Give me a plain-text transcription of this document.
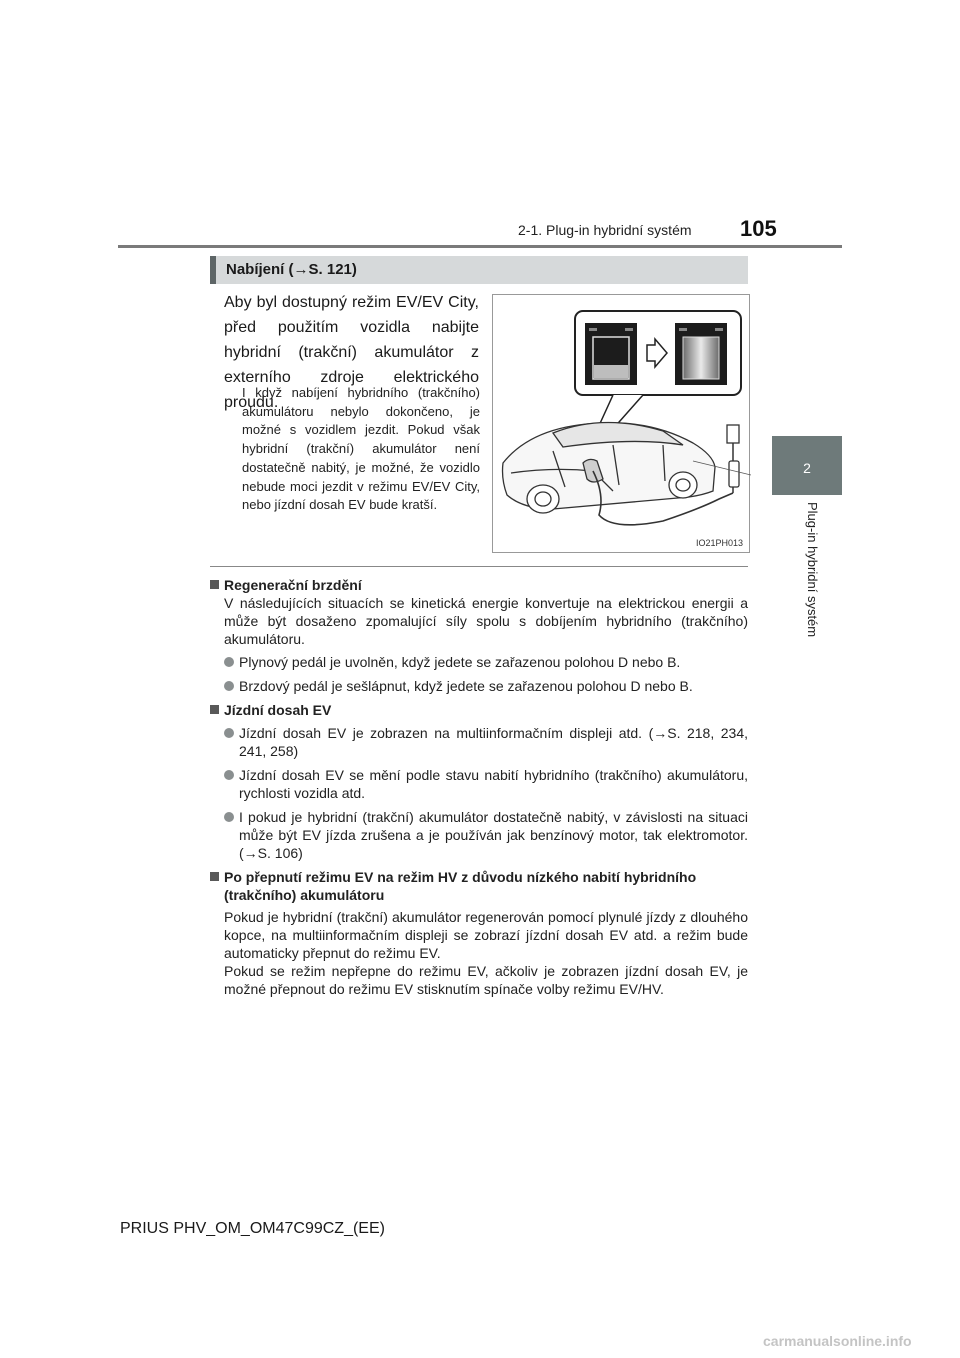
2-1. Plug-in hybridní systém 105
2
Plug-in hybridní systém
Nabíjení (→S. 121)
Aby byl dostupný režim EV/EV City, před použitím vozidla nabijte hybridní (trakční) akumulátor z externího zdroje elektrického proudu.
I když nabíjení hybridního (trakčního) akumulátoru nebylo dokončeno, je možné s vozidlem jezdit. Pokud však hybridní (trakční) akumulátor není dostatečně nabitý, je možné, že vozidlo nebude moci jezdit v režimu EV/EV City, nebo jízdní dosah EV bude kratší.
IO21PH013
Regenerační brzdění
V následujících situacích se kinetická energie konvertuje na elektrickou energii a může být dosaženo zpomalující síly spolu s dobíjením hybridního (trakčního) akumulátoru.
Plynový pedál je uvolněn, když jedete se zařazenou polohou D nebo B.
Brzdový pedál je sešlápnut, když jedete se zařazenou polohou D nebo B.
Jízdní dosah EV
Jízdní dosah EV je zobrazen na multiinformačním displeji atd. (→S. 218, 234, 241, 258)
Jízdní dosah EV se mění podle stavu nabití hybridního (trakčního) akumulátoru, rychlosti vozidla atd.
I pokud je hybridní (trakční) akumulátor dostatečně nabitý, v závislosti na situaci může být EV jízda zrušena a je používán jak benzínový motor, tak elektromotor. (→S. 106)
Po přepnutí režimu EV na režim HV z důvodu nízkého nabití hybridního (trakčního) akumulátoru
Pokud je hybridní (trakční) akumulátor regenerován pomocí plynulé jízdy z dlouhého kopce, na multiinformačním displeji se zobrazí jízdní dosah EV atd. a režim bude automaticky přepnut do režimu EV.
Pokud se režim nepřepne do režimu EV, ačkoliv je zobrazen jízdní dosah EV, je možné přepnout do režimu EV stisknutím spínače volby režimu EV/HV.
PRIUS PHV_OM_OM47C99CZ_(EE)
carmanualsonline.info
